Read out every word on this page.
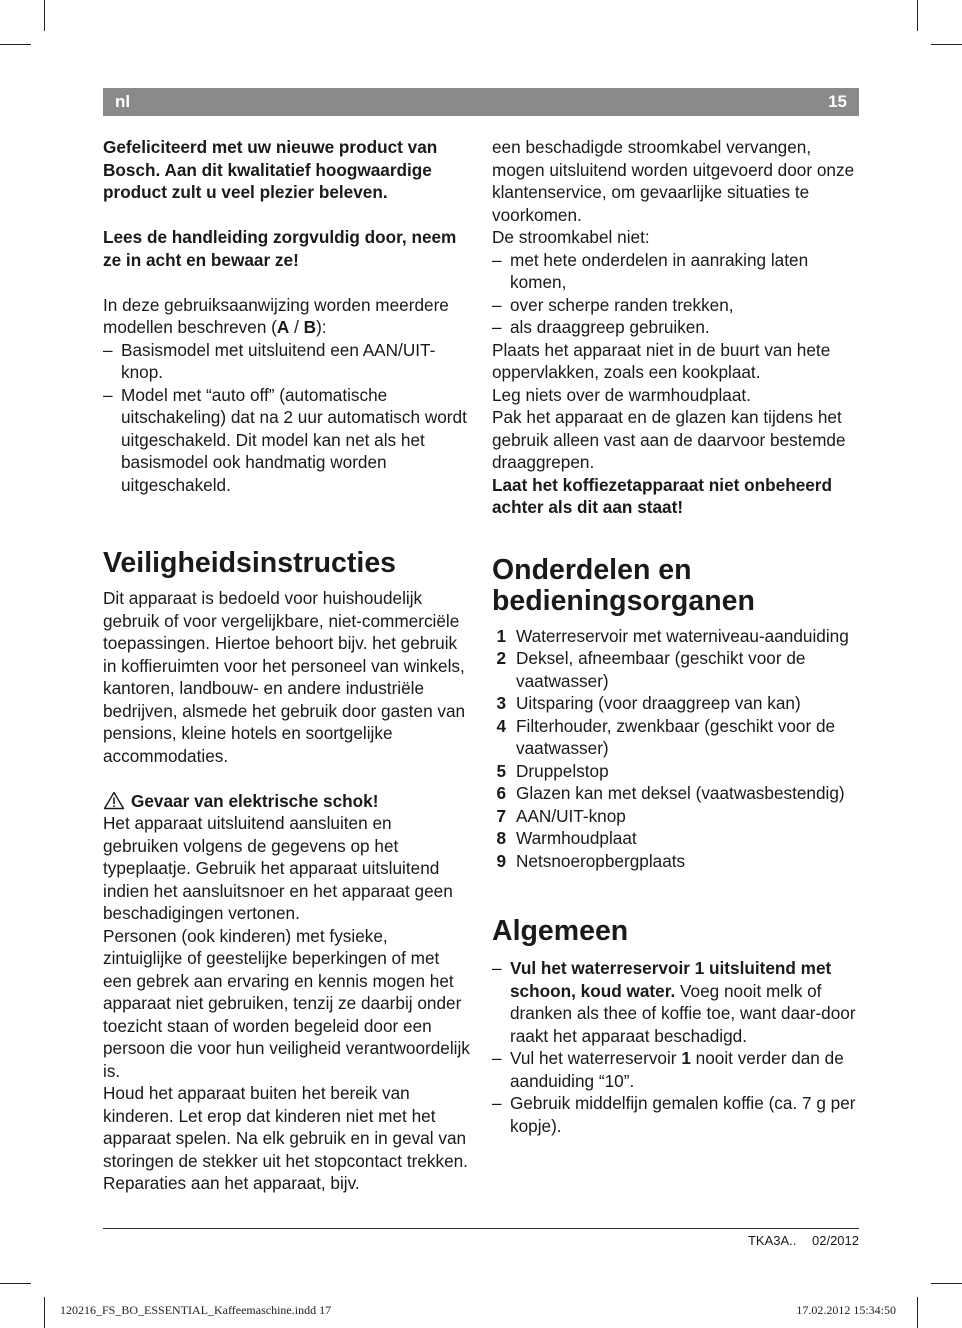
nl	15

Gefeliciteerd met uw nieuwe product van Bosch. Aan dit kwalitatief hoogwaardige product zult u veel plezier beleven.

Lees de handleiding zorgvuldig door, neem ze in acht en bewaar ze!

In deze gebruiksaanwijzing worden meerdere modellen beschreven (A / B):

– Basismodel met uitsluitend een AAN/UIT-knop.
– Model met “auto off” (automatische uitschakeling) dat na 2 uur automatisch wordt uitgeschakeld. Dit model kan net als het basismodel ook handmatig worden uitgeschakeld.
Veiligheidsinstructies

Dit apparaat is bedoeld voor huishoudelijk gebruik of voor vergelijkbare, niet-commerciële toepassingen. Hiertoe behoort bijv. het gebruik in koffieruimten voor het personeel van winkels, kantoren, landbouw- en andere industriële bedrijven, alsmede het gebruik door gasten van pensions, kleine hotels en soortgelijke accommodaties.

Gevaar van elektrische schok!

Het apparaat uitsluitend aansluiten en gebruiken volgens de gegevens op het typeplaatje. Gebruik het apparaat uitsluitend indien het aansluitsnoer en het apparaat geen beschadigingen vertonen.

Personen (ook kinderen) met fysieke, zintuiglijke of geestelijke beperkingen of met een gebrek aan ervaring en kennis mogen het apparaat niet gebruiken, tenzij ze daarbij onder toezicht staan of worden begeleid door een persoon die voor hun veiligheid verantwoordelijk is.

Houd het apparaat buiten het bereik van kinderen. Let erop dat kinderen niet met het apparaat spelen. Na elk gebruik en in geval van storingen de stekker uit het stopcontact trekken. Reparaties aan het apparaat, bijv.

een beschadigde stroomkabel vervangen, mogen uitsluitend worden uitgevoerd door onze klantenservice, om gevaarlijke situaties te voorkomen.

De stroomkabel niet:

– met hete onderdelen in aanraking laten komen,
– over scherpe randen trekken,
– als draaggreep gebruiken.

Plaats het apparaat niet in de buurt van hete oppervlakken, zoals een kookplaat.

Leg niets over de warmhoudplaat.

Pak het apparaat en de glazen kan tijdens het gebruik alleen vast aan de daarvoor bestemde draaggrepen.

Laat het koffiezetapparaat niet onbeheerd achter als dit aan staat!

Onderdelen en bedieningsorganen
1 Waterreservoir met waterniveau-aanduiding
2 Deksel, afneembaar (geschikt voor de vaatwasser)
3 Uitsparing (voor draaggreep van kan)
4 Filterhouder, zwenkbaar (geschikt voor de vaatwasser)
5 Druppelstop
6 Glazen kan met deksel (vaatwasbestendig)
7 AAN/UIT-knop
8 Warmhoudplaat
9 Netsnoeropbergplaats
Algemeen
– Vul het waterreservoir 1 uitsluitend met schoon, koud water. Voeg nooit melk of dranken als thee of koffie toe, want daar-door raakt het apparaat beschadigd.
– Vul het waterreservoir 1 nooit verder dan de aanduiding “10”.
– Gebruik middelfijn gemalen koffie (ca. 7 g per kopje).
TKA3A.. 02/2012
120216_FS_BO_ESSENTIAL_Kaffeemaschine.indd 17	17.02.2012 15:34:50
